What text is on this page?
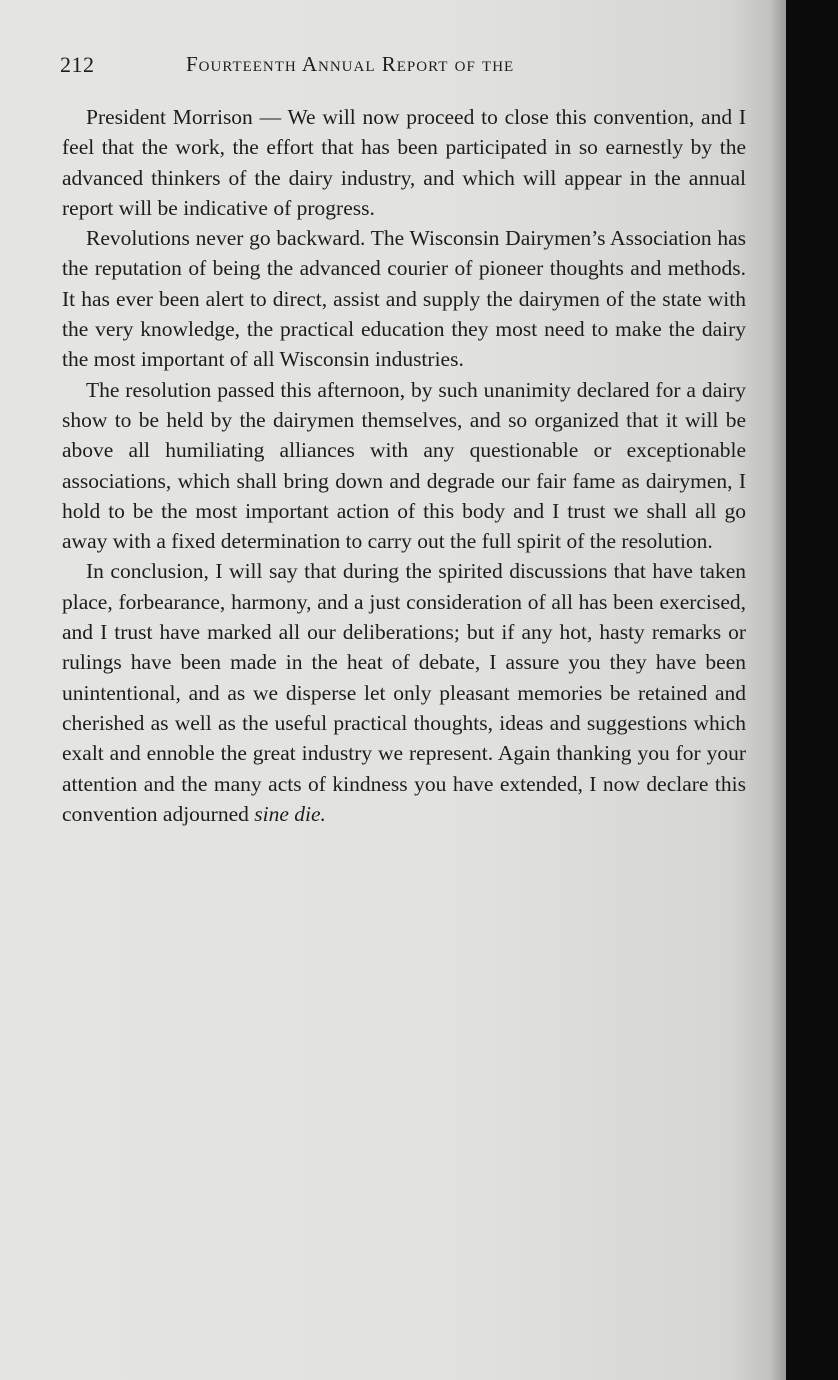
212	Fourteenth Annual Report of the

President Morrison — We will now proceed to close this convention, and I feel that the work, the effort that has been participated in so earnestly by the advanced thinkers of the dairy industry, and which will appear in the annual report will be indicative of progress.

Revolutions never go backward. The Wisconsin Dairymen’s Association has the reputation of being the advanced courier of pioneer thoughts and methods. It has ever been alert to direct, assist and supply the dairymen of the state with the very knowledge, the practical education they most need to make the dairy the most important of all Wisconsin industries.

The resolution passed this afternoon, by such unanimity declared for a dairy show to be held by the dairymen themselves, and so organized that it will be above all humiliating alliances with any questionable or exceptionable associations, which shall bring down and degrade our fair fame as dairymen, I hold to be the most important action of this body and I trust we shall all go away with a fixed determination to carry out the full spirit of the resolution.

In conclusion, I will say that during the spirited discussions that have taken place, forbearance, harmony, and a just consideration of all has been exercised, and I trust have marked all our deliberations; but if any hot, hasty remarks or rulings have been made in the heat of debate, I assure you they have been unintentional, and as we disperse let only pleasant memories be retained and cherished as well as the useful practical thoughts, ideas and suggestions which exalt and ennoble the great industry we represent. Again thanking you for your attention and the many acts of kindness you have extended, I now declare this convention adjourned sine die.
